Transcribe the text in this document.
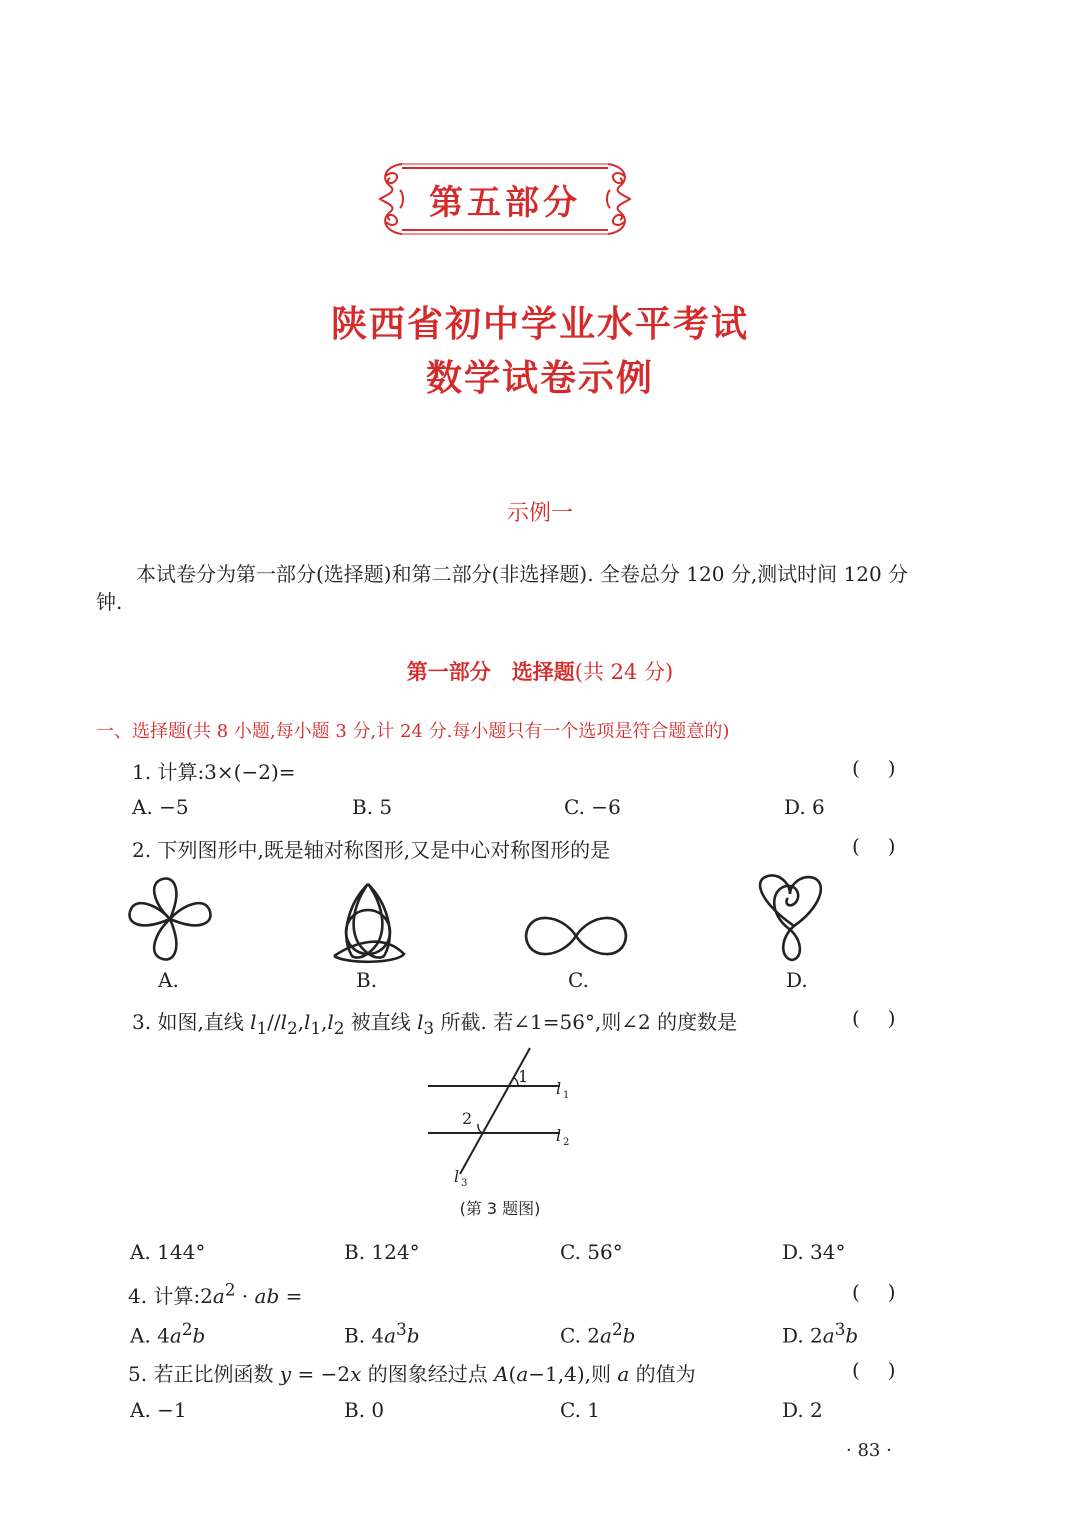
第五部分
陕西省初中学业水平考试
数学试卷示例
示例一
本试卷分为第一部分(选择题)和第二部分(非选择题). 全卷总分 120 分,测试时间 120 分钟.
第一部分　选择题(共 24 分)
一、选择题(共 8 小题,每小题 3 分,计 24 分.每小题只有一个选项是符合题意的)
1. 计算:3×(−2)=	()
A. −5	B. 5	C. −6	D. 6
2. 下列图形中,既是轴对称图形,又是中心对称图形的是	()
A.	B.	C.	D.
3. 如图,直线 $l_1//l_2,l_1,l_2$ 被直线 $l_3$ 所截. 若∠1=56°,则∠2 的度数是	()
1
2
l 1
l 2
l 3
(第 3 题图)
A. 144°	B. 124°	C. 56°	D. 34°
4. 计算$:2a^2$ · ab =	()
A. $4a^2b$	B. $4a^3b$	C. $2a^2b$	D. $2a^3b$
5. 若正比例函数 y = −2x 的图象经过点 A(a−1,4),则 a 的值为	()
A. −1	B. 0	C. 1	D. 2
· 83 ·
